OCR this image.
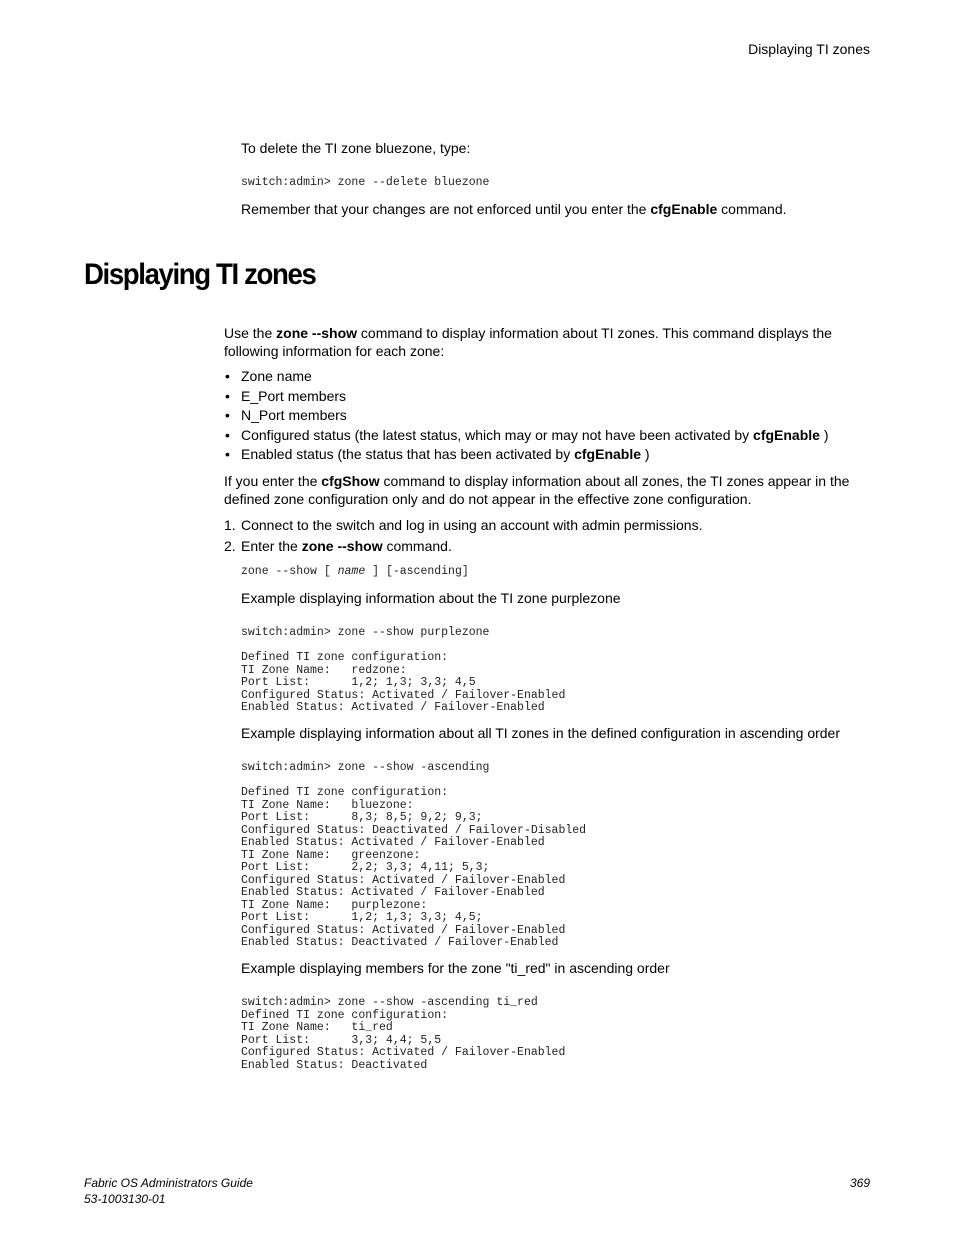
Displaying TI zones
To delete the TI zone bluezone, type:
switch:admin> zone --delete bluezone
Remember that your changes are not enforced until you enter the cfgEnable command.
Displaying TI zones
Use the zone --show command to display information about TI zones. This command displays the
following information for each zone:
• Zone name
• E_Port members
• N_Port members
• Configured status (the latest status, which may or may not have been activated by cfgEnable )
• Enabled status (the status that has been activated by cfgEnable )
If you enter the cfgShow command to display information about all zones, the TI zones appear in the
defined zone configuration only and do not appear in the effective zone configuration.
1. Connect to the switch and log in using an account with admin permissions.
2. Enter the zone --show command.
zone --show [ name ] [-ascending]
Example displaying information about the TI zone purplezone
switch:admin> zone --show purplezone

Defined TI zone configuration:
TI Zone Name:   redzone:
Port List:      1,2; 1,3; 3,3; 4,5
Configured Status: Activated / Failover-Enabled
Enabled Status: Activated / Failover-Enabled
Example displaying information about all TI zones in the defined configuration in ascending order
switch:admin> zone --show -ascending

Defined TI zone configuration:
TI Zone Name:   bluezone:
Port List:      8,3; 8,5; 9,2; 9,3;
Configured Status: Deactivated / Failover-Disabled
Enabled Status: Activated / Failover-Enabled
TI Zone Name:   greenzone:
Port List:      2,2; 3,3; 4,11; 5,3;
Configured Status: Activated / Failover-Enabled
Enabled Status: Activated / Failover-Enabled
TI Zone Name:   purplezone:
Port List:      1,2; 1,3; 3,3; 4,5;
Configured Status: Activated / Failover-Enabled
Enabled Status: Deactivated / Failover-Enabled
Example displaying members for the zone "ti_red" in ascending order
switch:admin> zone --show -ascending ti_red
Defined TI zone configuration:
TI Zone Name:   ti_red
Port List:      3,3; 4,4; 5,5
Configured Status: Activated / Failover-Enabled
Enabled Status: Deactivated
Fabric OS Administrators Guide
53-1003130-01
369
